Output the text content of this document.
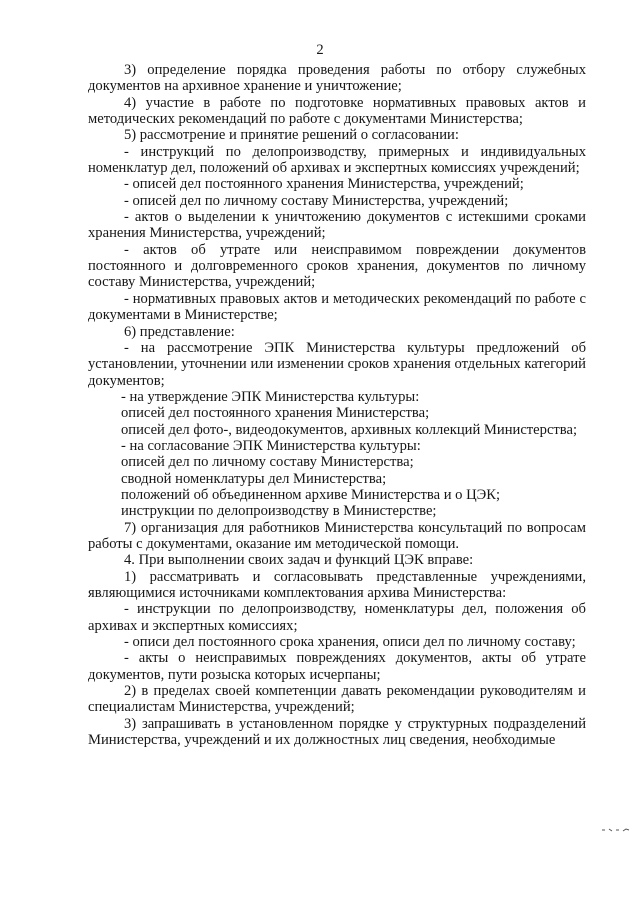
2

3) определение порядка проведения работы по отбору служебных документов на архивное хранение и уничтожение;

4) участие в работе по подготовке нормативных правовых актов и методических рекомендаций по работе с документами Министерства;

5) рассмотрение и принятие решений о согласовании:

- инструкций по делопроизводству, примерных и индивидуальных номенклатур дел, положений об архивах и экспертных комиссиях учреждений;

- описей дел постоянного хранения Министерства, учреждений;

- описей дел по личному составу Министерства, учреждений;

- актов о выделении к уничтожению документов с истекшими сроками хранения Министерства, учреждений;

- актов об утрате или неисправимом повреждении документов постоянного и долговременного сроков хранения, документов по личному составу Министерства, учреждений;

- нормативных правовых актов и методических рекомендаций по работе с документами в Министерстве;

6) представление:

- на рассмотрение ЭПК Министерства культуры предложений об установлении, уточнении или изменении сроков хранения отдельных категорий документов;

- на утверждение ЭПК Министерства культуры:

описей дел постоянного хранения Министерства;

описей дел фото-, видеодокументов, архивных коллекций Министерства;

- на согласование ЭПК Министерства культуры:

описей дел по личному составу Министерства;

сводной номенклатуры дел Министерства;

положений об объединенном архиве Министерства и о ЦЭК;

инструкции по делопроизводству в Министерстве;

7) организация для работников Министерства консультаций по вопросам работы с документами, оказание им методической помощи.

4. При выполнении своих задач и функций ЦЭК вправе:

1) рассматривать и согласовывать представленные учреждениями, являющимися источниками комплектования архива Министерства:

- инструкции по делопроизводству, номенклатуры дел, положения об архивах и экспертных комиссиях;

- описи дел постоянного срока хранения, описи дел по личному составу;

- акты о неисправимых повреждениях документов, акты об утрате документов, пути розыска которых исчерпаны;

2) в пределах своей компетенции давать рекомендации руководителям и специалистам Министерства, учреждений;

3) запрашивать в установленном порядке у структурных подразделений Министерства, учреждений и их должностных лиц сведения, необходимые
